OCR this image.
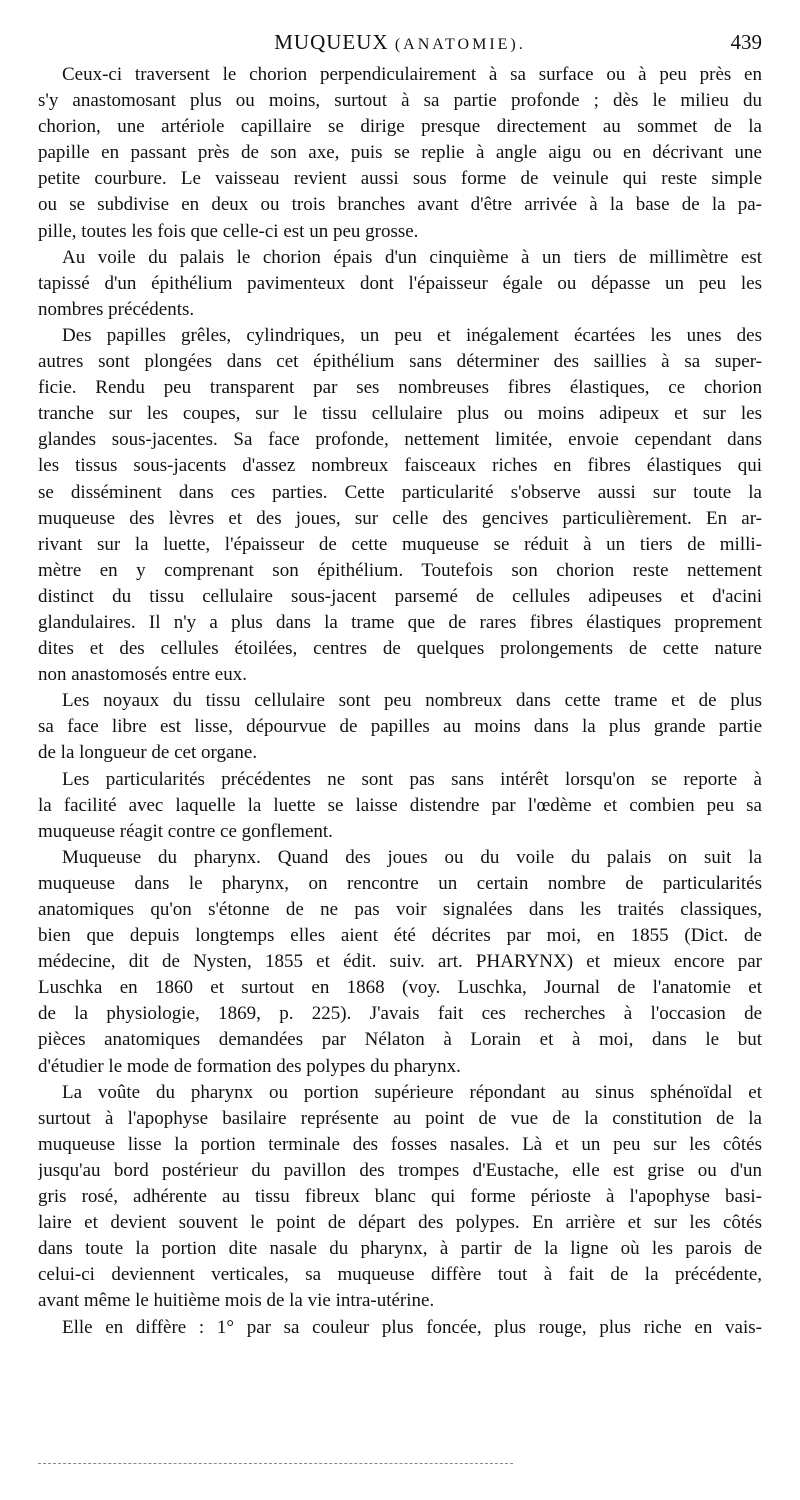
MUQUEUX (ANATOMIE).	439
Ceux-ci traversent le chorion perpendiculairement à sa surface ou à peu près en
s'y anastomosant plus ou moins, surtout à sa partie profonde ; dès le milieu du
chorion, une artériole capillaire se dirige presque directement au sommet de la
papille en passant près de son axe, puis se replie à angle aigu ou en décrivant une
petite courbure. Le vaisseau revient aussi sous forme de veinule qui reste simple
ou se subdivise en deux ou trois branches avant d'être arrivée à la base de la pa-
pille, toutes les fois que celle-ci est un peu grosse.
Au voile du palais le chorion épais d'un cinquième à un tiers de millimètre est
tapissé d'un épithélium pavimenteux dont l'épaisseur égale ou dépasse un peu les
nombres précédents.
Des papilles grêles, cylindriques, un peu et inégalement écartées les unes des
autres sont plongées dans cet épithélium sans déterminer des saillies à sa super-
ficie. Rendu peu transparent par ses nombreuses fibres élastiques, ce chorion
tranche sur les coupes, sur le tissu cellulaire plus ou moins adipeux et sur les
glandes sous-jacentes. Sa face profonde, nettement limitée, envoie cependant dans
les tissus sous-jacents d'assez nombreux faisceaux riches en fibres élastiques qui
se disséminent dans ces parties. Cette particularité s'observe aussi sur toute la
muqueuse des lèvres et des joues, sur celle des gencives particulièrement. En ar-
rivant sur la luette, l'épaisseur de cette muqueuse se réduit à un tiers de milli-
mètre en y comprenant son épithélium. Toutefois son chorion reste nettement
distinct du tissu cellulaire sous-jacent parsemé de cellules adipeuses et d'acini
glandulaires. Il n'y a plus dans la trame que de rares fibres élastiques proprement
dites et des cellules étoilées, centres de quelques prolongements de cette nature
non anastomosés entre eux.
Les noyaux du tissu cellulaire sont peu nombreux dans cette trame et de plus
sa face libre est lisse, dépourvue de papilles au moins dans la plus grande partie
de la longueur de cet organe.
Les particularités précédentes ne sont pas sans intérêt lorsqu'on se reporte à
la facilité avec laquelle la luette se laisse distendre par l'œdème et combien peu sa
muqueuse réagit contre ce gonflement.
Muqueuse du pharynx. Quand des joues ou du voile du palais on suit la
muqueuse dans le pharynx, on rencontre un certain nombre de particularités
anatomiques qu'on s'étonne de ne pas voir signalées dans les traités classiques,
bien que depuis longtemps elles aient été décrites par moi, en 1855 (Dict. de
médecine, dit de Nysten, 1855 et édit. suiv. art. PHARYNX) et mieux encore par
Luschka en 1860 et surtout en 1868 (voy. Luschka, Journal de l'anatomie et
de la physiologie, 1869, p. 225). J'avais fait ces recherches à l'occasion de
pièces anatomiques demandées par Nélaton à Lorain et à moi, dans le but
d'étudier le mode de formation des polypes du pharynx.
La voûte du pharynx ou portion supérieure répondant au sinus sphénoïdal et
surtout à l'apophyse basilaire représente au point de vue de la constitution de la
muqueuse lisse la portion terminale des fosses nasales. Là et un peu sur les côtés
jusqu'au bord postérieur du pavillon des trompes d'Eustache, elle est grise ou d'un
gris rosé, adhérente au tissu fibreux blanc qui forme périoste à l'apophyse basi-
laire et devient souvent le point de départ des polypes. En arrière et sur les côtés
dans toute la portion dite nasale du pharynx, à partir de la ligne où les parois de
celui-ci deviennent verticales, sa muqueuse diffère tout à fait de la précédente,
avant même le huitième mois de la vie intra-utérine.
Elle en diffère : 1° par sa couleur plus foncée, plus rouge, plus riche en vais-
